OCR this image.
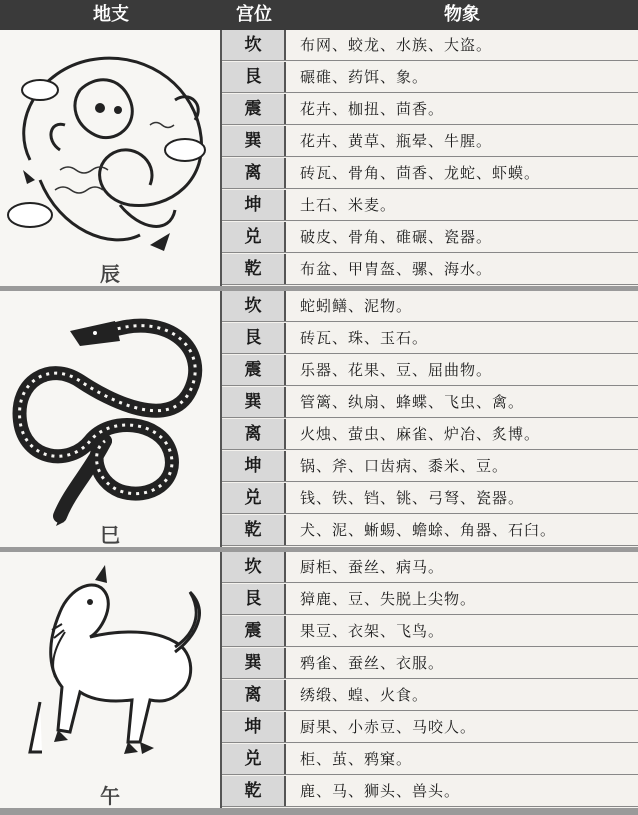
地支	宫位	物象
辰
坎	布网、蛟龙、水族、大盗。
艮	碾碓、药饵、象。
震	花卉、枷扭、茴香。
巽	花卉、黄草、瓶晕、牛腥。
离	砖瓦、骨角、茴香、龙蛇、虾蟆。
坤	土石、米麦。
兑	破皮、骨角、碓碾、瓷器。
乾	布盆、甲胄盔、骡、海水。
巳
坎	蛇蚓鳝、泥物。
艮	砖瓦、珠、玉石。
震	乐器、花果、豆、屈曲物。
巽	管篱、纨扇、蜂蝶、飞虫、禽。
离	火烛、萤虫、麻雀、炉冶、炙博。
坤	锅、斧、口齿病、黍米、豆。
兑	钱、铁、铛、铫、弓弩、瓷器。
乾	犬、泥、蜥蜴、蟾蜍、角器、石臼。
午
坎	厨柜、蚕丝、病马。
艮	獐鹿、豆、失脱上尖物。
震	果豆、衣架、飞鸟。
巽	鸦雀、蚕丝、衣服。
离	绣缎、蝗、火食。
坤	厨果、小赤豆、马咬人。
兑	柜、茧、鸦窠。
乾	鹿、马、狮头、兽头。
